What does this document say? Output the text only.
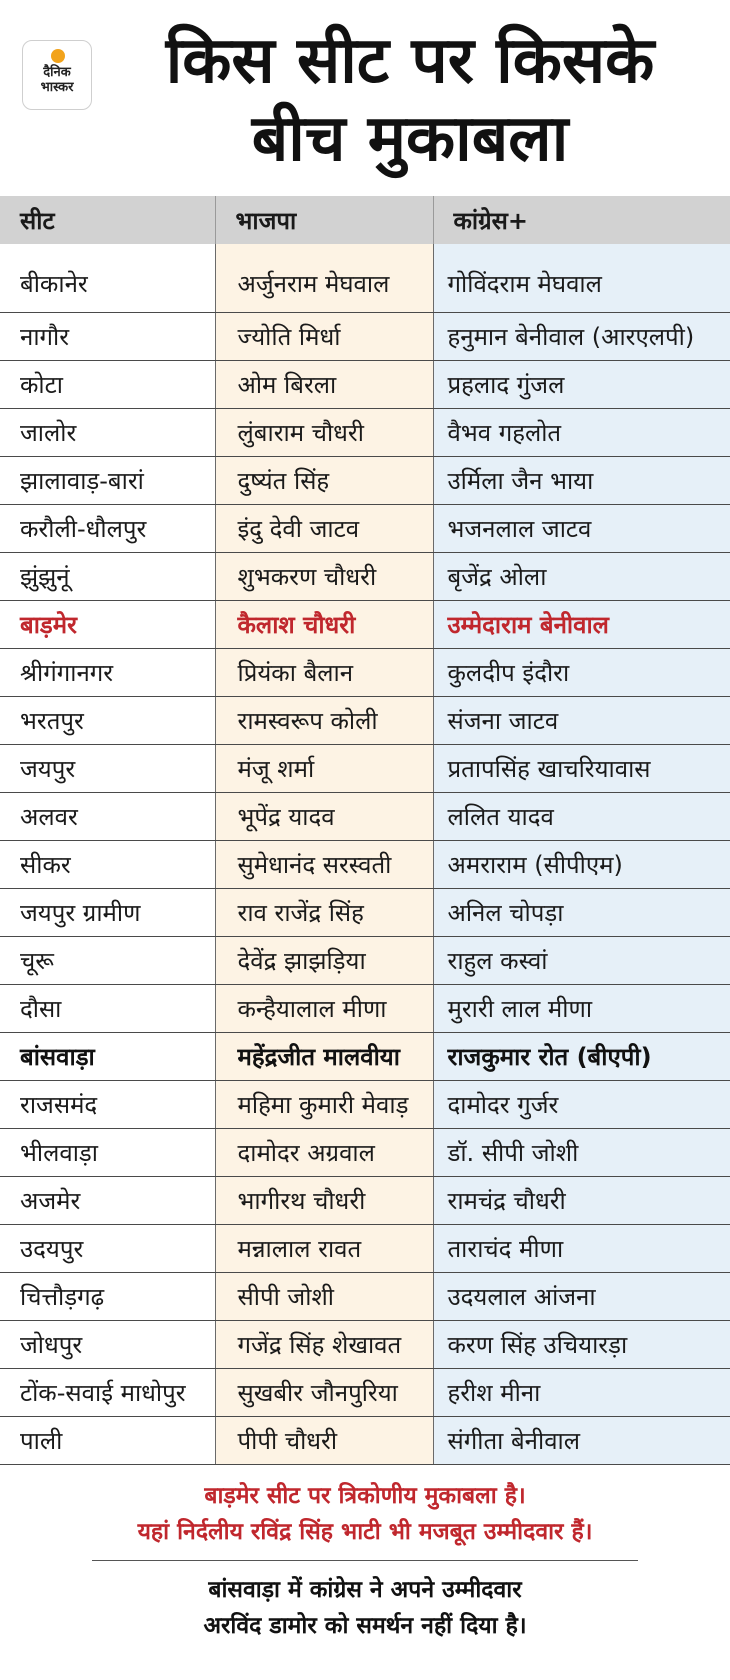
दैनिक
भास्कर	किस सीट पर किसके
बीच मुकाबला
सीट	भाजपा	कांग्रेस+
बीकानेर	अर्जुनराम मेघवाल	गोविंदराम मेघवाल
नागौर	ज्योति मिर्धा	हनुमान बेनीवाल (आरएलपी)
कोटा	ओम बिरला	प्रहलाद गुंजल
जालोर	लुंबाराम चौधरी	वैभव गहलोत
झालावाड़-बारां	दुष्यंत सिंह	उर्मिला जैन भाया
करौली-धौलपुर	इंदु देवी जाटव	भजनलाल जाटव
झुंझुनूं	शुभकरण चौधरी	बृजेंद्र ओला
बाड़मेर	कैलाश चौधरी	उम्मेदाराम बेनीवाल
श्रीगंगानगर	प्रियंका बैलान	कुलदीप इंदौरा
भरतपुर	रामस्वरूप कोली	संजना जाटव
जयपुर	मंजू शर्मा	प्रतापसिंह खाचरियावास
अलवर	भूपेंद्र यादव	ललित यादव
सीकर	सुमेधानंद सरस्वती	अमराराम (सीपीएम)
जयपुर ग्रामीण	राव राजेंद्र सिंह	अनिल चोपड़ा
चूरू	देवेंद्र झाझड़िया	राहुल कस्वां
दौसा	कन्हैयालाल मीणा	मुरारी लाल मीणा
बांसवाड़ा	महेंद्रजीत मालवीया	राजकुमार रोत (बीएपी)
राजसमंद	महिमा कुमारी मेवाड़	दामोदर गुर्जर
भीलवाड़ा	दामोदर अग्रवाल	डॉ. सीपी जोशी
अजमेर	भागीरथ चौधरी	रामचंद्र चौधरी
उदयपुर	मन्नालाल रावत	ताराचंद मीणा
चित्तौड़गढ़	सीपी जोशी	उदयलाल आंजना
जोधपुर	गजेंद्र सिंह शेखावत	करण सिंह उचियारड़ा
टोंक-सवाई माधोपुर	सुखबीर जौनपुरिया	हरीश मीना
पाली	पीपी चौधरी	संगीता बेनीवाल
बाड़मेर सीट पर त्रिकोणीय मुकाबला है।
यहां निर्दलीय रविंद्र सिंह भाटी भी मजबूत उम्मीदवार हैं।
बांसवाड़ा में कांग्रेस ने अपने उम्मीदवार
अरविंद डामोर को समर्थन नहीं दिया है।
